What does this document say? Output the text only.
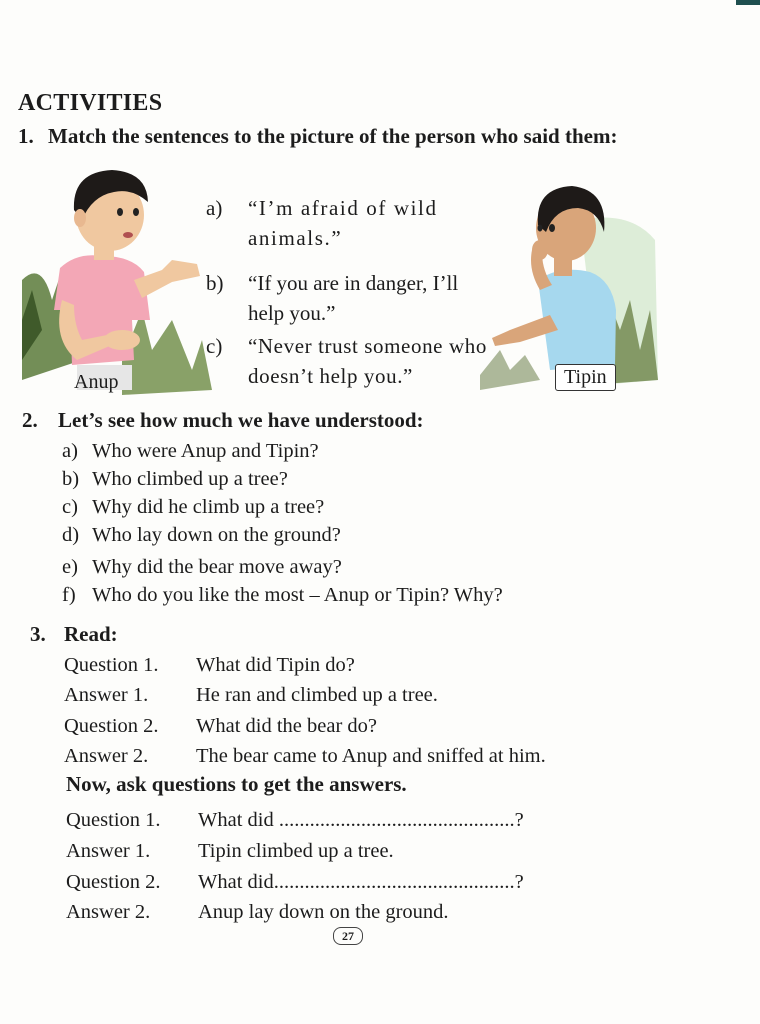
ACTIVITIES
1. Match the sentences to the picture of the person who said them:
Anup	Tipin
a) “I’m afraid of wild animals.”
b) “If you are in danger, I’ll help you.”
c) “Never trust someone who doesn’t help you.”
2. Let’s see how much we have understood:
a) Who were Anup and Tipin?
b) Who climbed up a tree?
c) Why did he climb up a tree?
d) Who lay down on the ground?
e) Why did the bear move away?
f) Who do you like the most – Anup or Tipin? Why?
3. Read:
Question 1. What did Tipin do?
Answer 1. He ran and climbed up a tree.
Question 2. What did the bear do?
Answer 2. The bear came to Anup and sniffed at him.
Now, ask questions to get the answers.
Question 1. What did ..............................................?
Answer 1. Tipin climbed up a tree.
Question 2. What did...............................................?
Answer 2. Anup lay down on the ground.
27
